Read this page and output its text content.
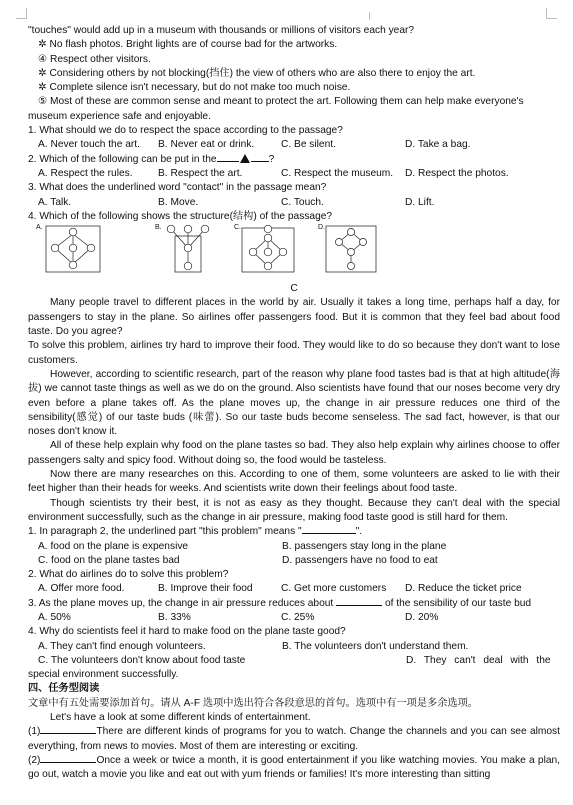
"touches" would add up in a museum with thousands or millions of visitors each year?
✲ No flash photos. Bright lights are of course bad for the artworks.
④ Respect other visitors.
✲ Considering others by not blocking(挡住) the view of others who are also there to enjoy the art.
✲ Complete silence isn't necessary, but do not make too much noise.
⑤ Most of these are common sense and meant to protect the art. Following them can help make everyone's
museum experience safe and enjoyable.
1. What should we do to respect the space according to the passage?
A. Never touch the art.	B. Never eat or drink.	C. Be silent.	D. Take a bag.
2. Which of the following can be put in the	?
A. Respect the rules.	B. Respect the art.	C. Respect the museum.	D. Respect the photos.
3. What does the underlined word "contact" in the passage mean?
A. Talk.	B. Move.	C. Touch.	D. Lift.
4. Which of the following shows the structure(结构) of the passage?
A.	B.	C.	D.
C
Many people travel to different places in the world by air. Usually it takes a long time, perhaps half a day, for passengers to stay in the plane. So airlines offer passengers food. But it is common that they feel bad about food taste. Do you agree?
To solve this problem, airlines try hard to improve their food. They would like to do so because they don't want to lose customers.
However, according to scientific research, part of the reason why plane food tastes bad is that at high altitude(海拔) we cannot taste things as well as we do on the ground. Also scientists have found that our noses become very dry even before a plane takes off. As the plane moves up, the change in air pressure reduces one third of the sensibility(感觉) of our taste buds (味蕾). So our taste buds become senseless. The sad fact, however, is that our noses don't know it.
All of these help explain why food on the plane tastes so bad. They also help explain why airlines choose to offer passengers salty and spicy food. Without doing so, the food would be tasteless.
Now there are many researches on this. According to one of them, some volunteers are asked to lie with their feet higher than their heads for weeks. And scientists write down their feelings about food taste.
Though scientists try their best, it is not as easy as they thought. Because they can't deal with the special environment successfully, such as the change in air pressure, making food taste good is still hard for them.
1. In paragraph 2, the underlined part "this problem" means "	".
A. food on the plane is expensive	B. passengers stay long in the plane
C. food on the plane tastes bad	D. passengers have no food to eat
2. What do airlines do to solve this problem?
A. Offer more food.	B. Improve their food	C. Get more customers	D. Reduce the ticket price
3. As the plane moves up, the change in air pressure reduces about	of the sensibility of our taste bud
A. 50%	B. 33%	C. 25%	D. 20%
4. Why do scientists feel it hard to make food on the plane taste good?
A. They can't find enough volunteers.	B. The volunteers don't understand them.
C. The volunteers don't know about food taste	D. They can't deal with the
special environment successfully.
四、任务型阅读
文章中有五处需要添加首句。请从 A-F 选项中选出符合各段意思的首句。选项中有一项是多余选项。
Let's have a look at some different kinds of entertainment.
(1)	There are different kinds of programs for you to watch. Change the channels and you can see almost everything, from news to movies. Most of them are interesting or exciting.
(2)	Once a week or twice a month, it is good entertainment if you like watching movies. You make a plan, go out, watch a movie you like and eat out with yum friends or families! It's more interesting than sitting
